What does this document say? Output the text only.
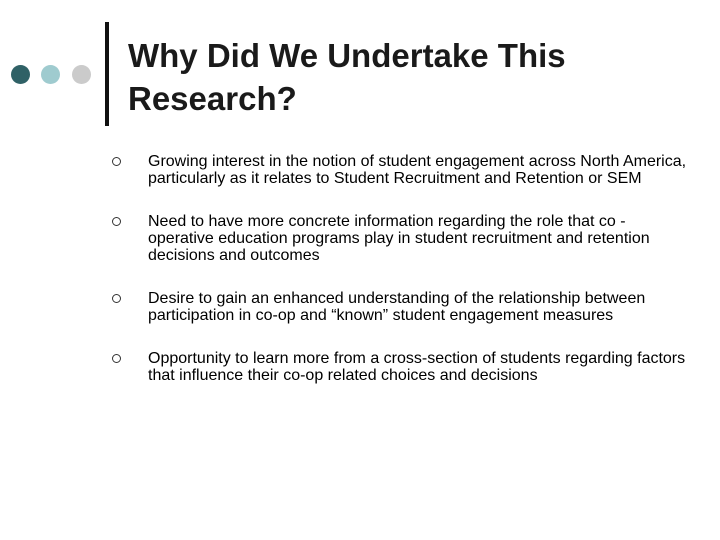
Why Did We Undertake This Research?
Growing interest in the notion of student engagement across North America, particularly as it relates to Student Recruitment and Retention or SEM
Need to have more concrete information regarding the role that co -operative education programs play in student recruitment and retention decisions and outcomes
Desire to gain an enhanced understanding of the relationship between participation in co-op and “known” student engagement measures
Opportunity to learn more from a cross-section of students regarding factors that influence their co-op related choices and decisions
